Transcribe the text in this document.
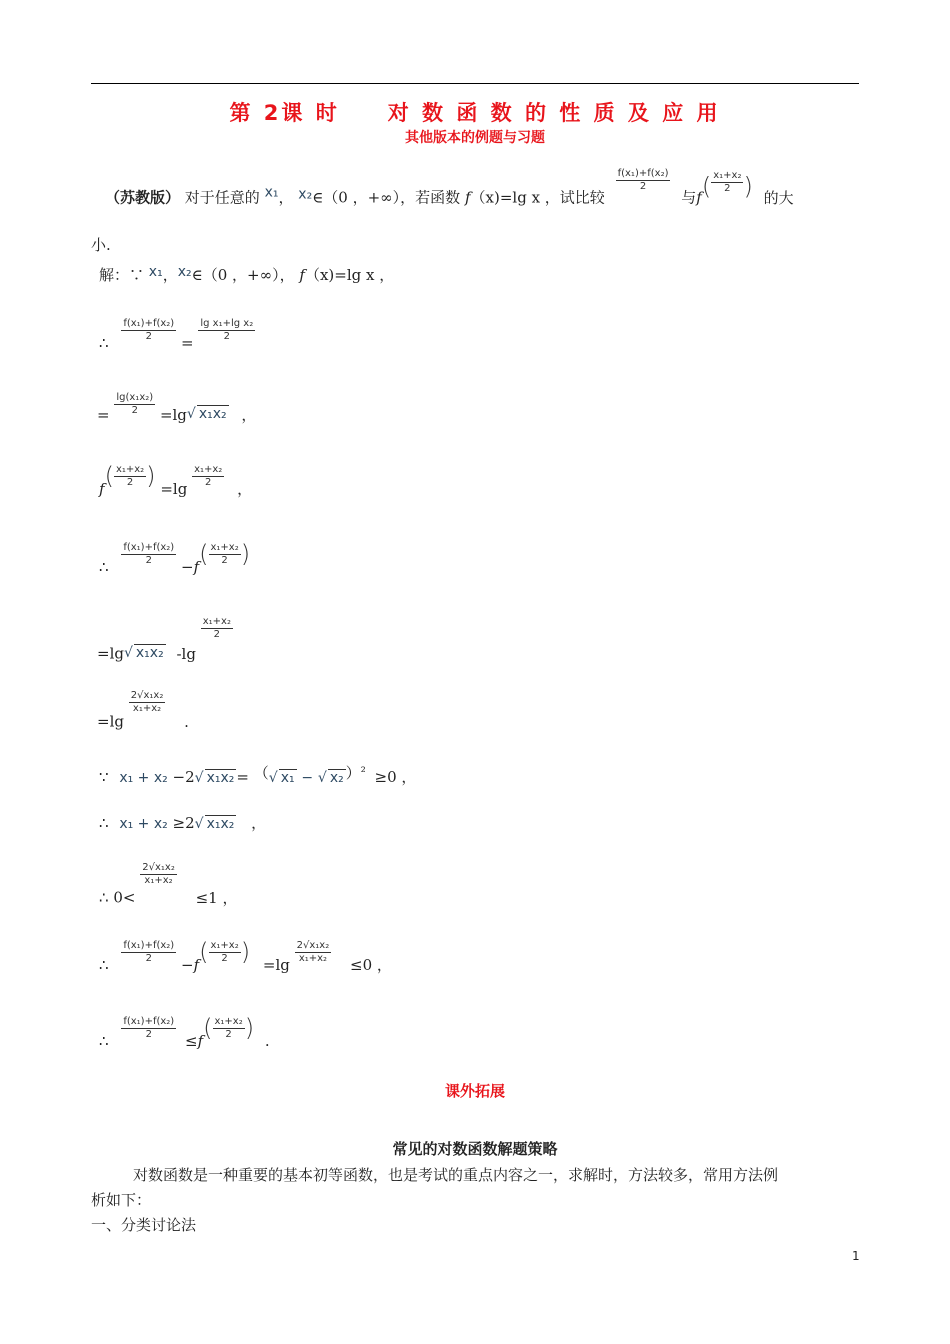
第 2课 时　　对 数 函 数 的 性 质 及 应 用
其他版本的例题与习题
（苏教版） 对于任意的 x₁， x₂∈（0 ，+∞），若函数 f（x)=lg x ，试比较
$\frac{\text{f(x₁)+f(x₂)}}{2}$
与$f( \frac{\text{x₁+x₂}}{2}$ ) 的大
小.
解：∵ x₁，x₂∈（0 ，+∞）， f（x)=lg x ，
∴
$\frac{\text{f(x₁)+f(x₂)}}{2}$
=
$\frac{\text{lg x₁+lg x₂}}{2}$
= $\frac{\text{lg(x₁x₂)}}{2} =\lg√$ x₁x₂ ，
$f( \frac{\text{x₁+x₂}}{2}$ ) =lg
$\frac{\text{x₁+x₂}}{2}$
，
∴
$\frac{\text{f(x₁)+f(x₂)}}{2}$
$-f( \frac{\text{x₁+x₂}}{2}$ )
=lg√ x₁x₂ -lg
$\frac{\text{x₁+x₂}}{2}$
=lg
$\frac{\text{2√x₁x₂}}{\text{x₁+x₂}}$
.
∵ x₁ + x₂ −2√ x₁x₂ = （√ x₁ − √ x₂ ）$^{^2}$ ≥0 ，
∴ x₁ + x₂ ≥2√ x₁x₂ ，
∴ 0<
$\frac{\text{2√x₁x₂}}{\text{x₁+x₂}}$
≤1 ，
∴
$\frac{\text{f(x₁)+f(x₂)}}{2}$
$-f( \frac{\text{x₁+x₂}}{2}$ ) =lg
$\frac{\text{2√x₁x₂}}{\text{x₁+x₂}}$
≤0 ，
∴
$\frac{\text{f(x₁)+f(x₂)}}{2}$
$\le f( \frac{\text{x₁+x₂}}{2}$ ) .
课外拓展
常见的对数函数解题策略
对数函数是一种重要的基本初等函数，也是考试的重点内容之一，求解时，方法较多，常用方法例
析如下：
一、分类讨论法
1
